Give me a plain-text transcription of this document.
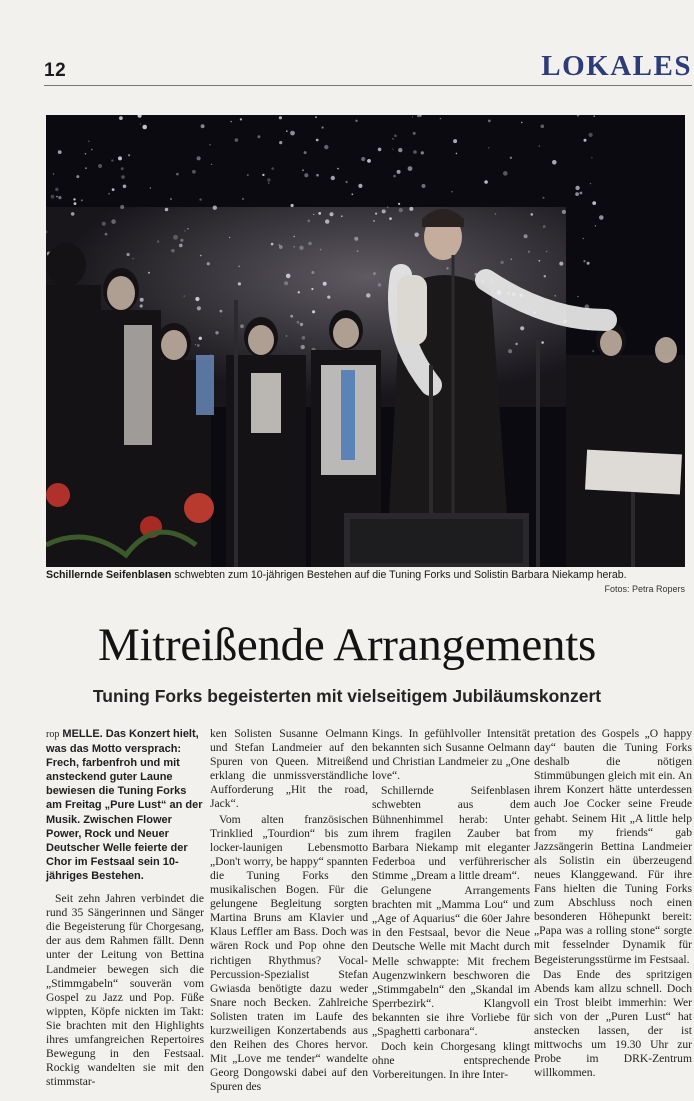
12	LOKALES
Schillernde Seifenblasen schwebten zum 10-jährigen Bestehen auf die Tuning Forks und Solistin Barbara Niekamp herab.
Fotos: Petra Ropers
Mitreißende Arrangements
Tuning Forks begeisterten mit vielseitigem Jubiläumskonzert
rop MELLE. Das Konzert hielt, was das Motto versprach: Frech, farbenfroh und mit ansteckend guter Laune bewiesen die Tuning Forks am Freitag „Pure Lust“ an der Musik. Zwischen Flower Power, Rock und Neuer Deutscher Welle feierte der Chor im Festsaal sein 10-jähriges Bestehen.

Seit zehn Jahren verbindet die rund 35 Sängerinnen und Sänger die Begeisterung für Chorgesang, der aus dem Rahmen fällt. Denn unter der Leitung von Bettina Landmeier bewegen sich die „Stimmgabeln“ souverän vom Gospel zu Jazz und Pop. Füße wippten, Köpfe nickten im Takt: Sie brachten mit den Highlights ihres umfangreichen Repertoires Bewegung in den Festsaal. Rockig wandelten sie mit den stimmstar-

ken Solisten Susanne Oelmann und Stefan Landmeier auf den Spuren von Queen. Mitreißend erklang die unmissverständliche Aufforderung „Hit the road, Jack“.

Vom alten französischen Trinklied „Tourdion“ bis zum locker-launigen Lebensmotto „Don't worry, be happy“ spannten die Tuning Forks den musikalischen Bogen. Für die gelungene Begleitung sorgten Martina Bruns am Klavier und Klaus Leffler am Bass. Doch was wären Rock und Pop ohne den richtigen Rhythmus? Vocal-Percussion-Spezialist Stefan Gwiasda benötigte dazu weder Snare noch Becken. Zahlreiche Solisten traten im Laufe des kurzweiligen Konzertabends aus den Reihen des Chores hervor. Mit „Love me tender“ wandelte Georg Dongowski dabei auf den Spuren des

Kings. In gefühlvoller Intensität bekannten sich Susanne Oelmann und Christian Landmeier zu „One love“.

Schillernde Seifenblasen schwebten aus dem Bühnenhimmel herab: Unter ihrem fragilen Zauber bat Barbara Niekamp mit eleganter Federboa und verführerischer Stimme „Dream a little dream“.

Gelungene Arrangements brachten mit „Mamma Lou“ und „Age of Aquarius“ die 60er Jahre in den Festsaal, bevor die Neue Deutsche Welle mit Macht durch Melle schwappte: Mit frechem Augenzwinkern beschworen die „Stimmgabeln“ den „Skandal im Sperrbezirk“. Klangvoll bekannten sie ihre Vorliebe für „Spaghetti carbonara“.

Doch kein Chorgesang klingt ohne entsprechende Vorbereitungen. In ihre Inter-

pretation des Gospels „O happy day“ bauten die Tuning Forks deshalb die nötigen Stimmübungen gleich mit ein. An ihrem Konzert hätte unterdessen auch Joe Cocker seine Freude gehabt. Seinem Hit „A little help from my friends“ gab Jazzsängerin Bettina Landmeier als Solistin ein überzeugend neues Klanggewand. Für ihre Fans hielten die Tuning Forks zum Abschluss noch einen besonderen Höhepunkt bereit: „Papa was a rolling stone“ sorgte mit fesselnder Dynamik für Begeisterungsstürme im Festsaal.

Das Ende des spritzigen Abends kam allzu schnell. Doch ein Trost bleibt immerhin: Wer sich von der „Puren Lust“ hat anstecken lassen, der ist mittwochs um 19.30 Uhr zur Probe im DRK-Zentrum willkommen.
